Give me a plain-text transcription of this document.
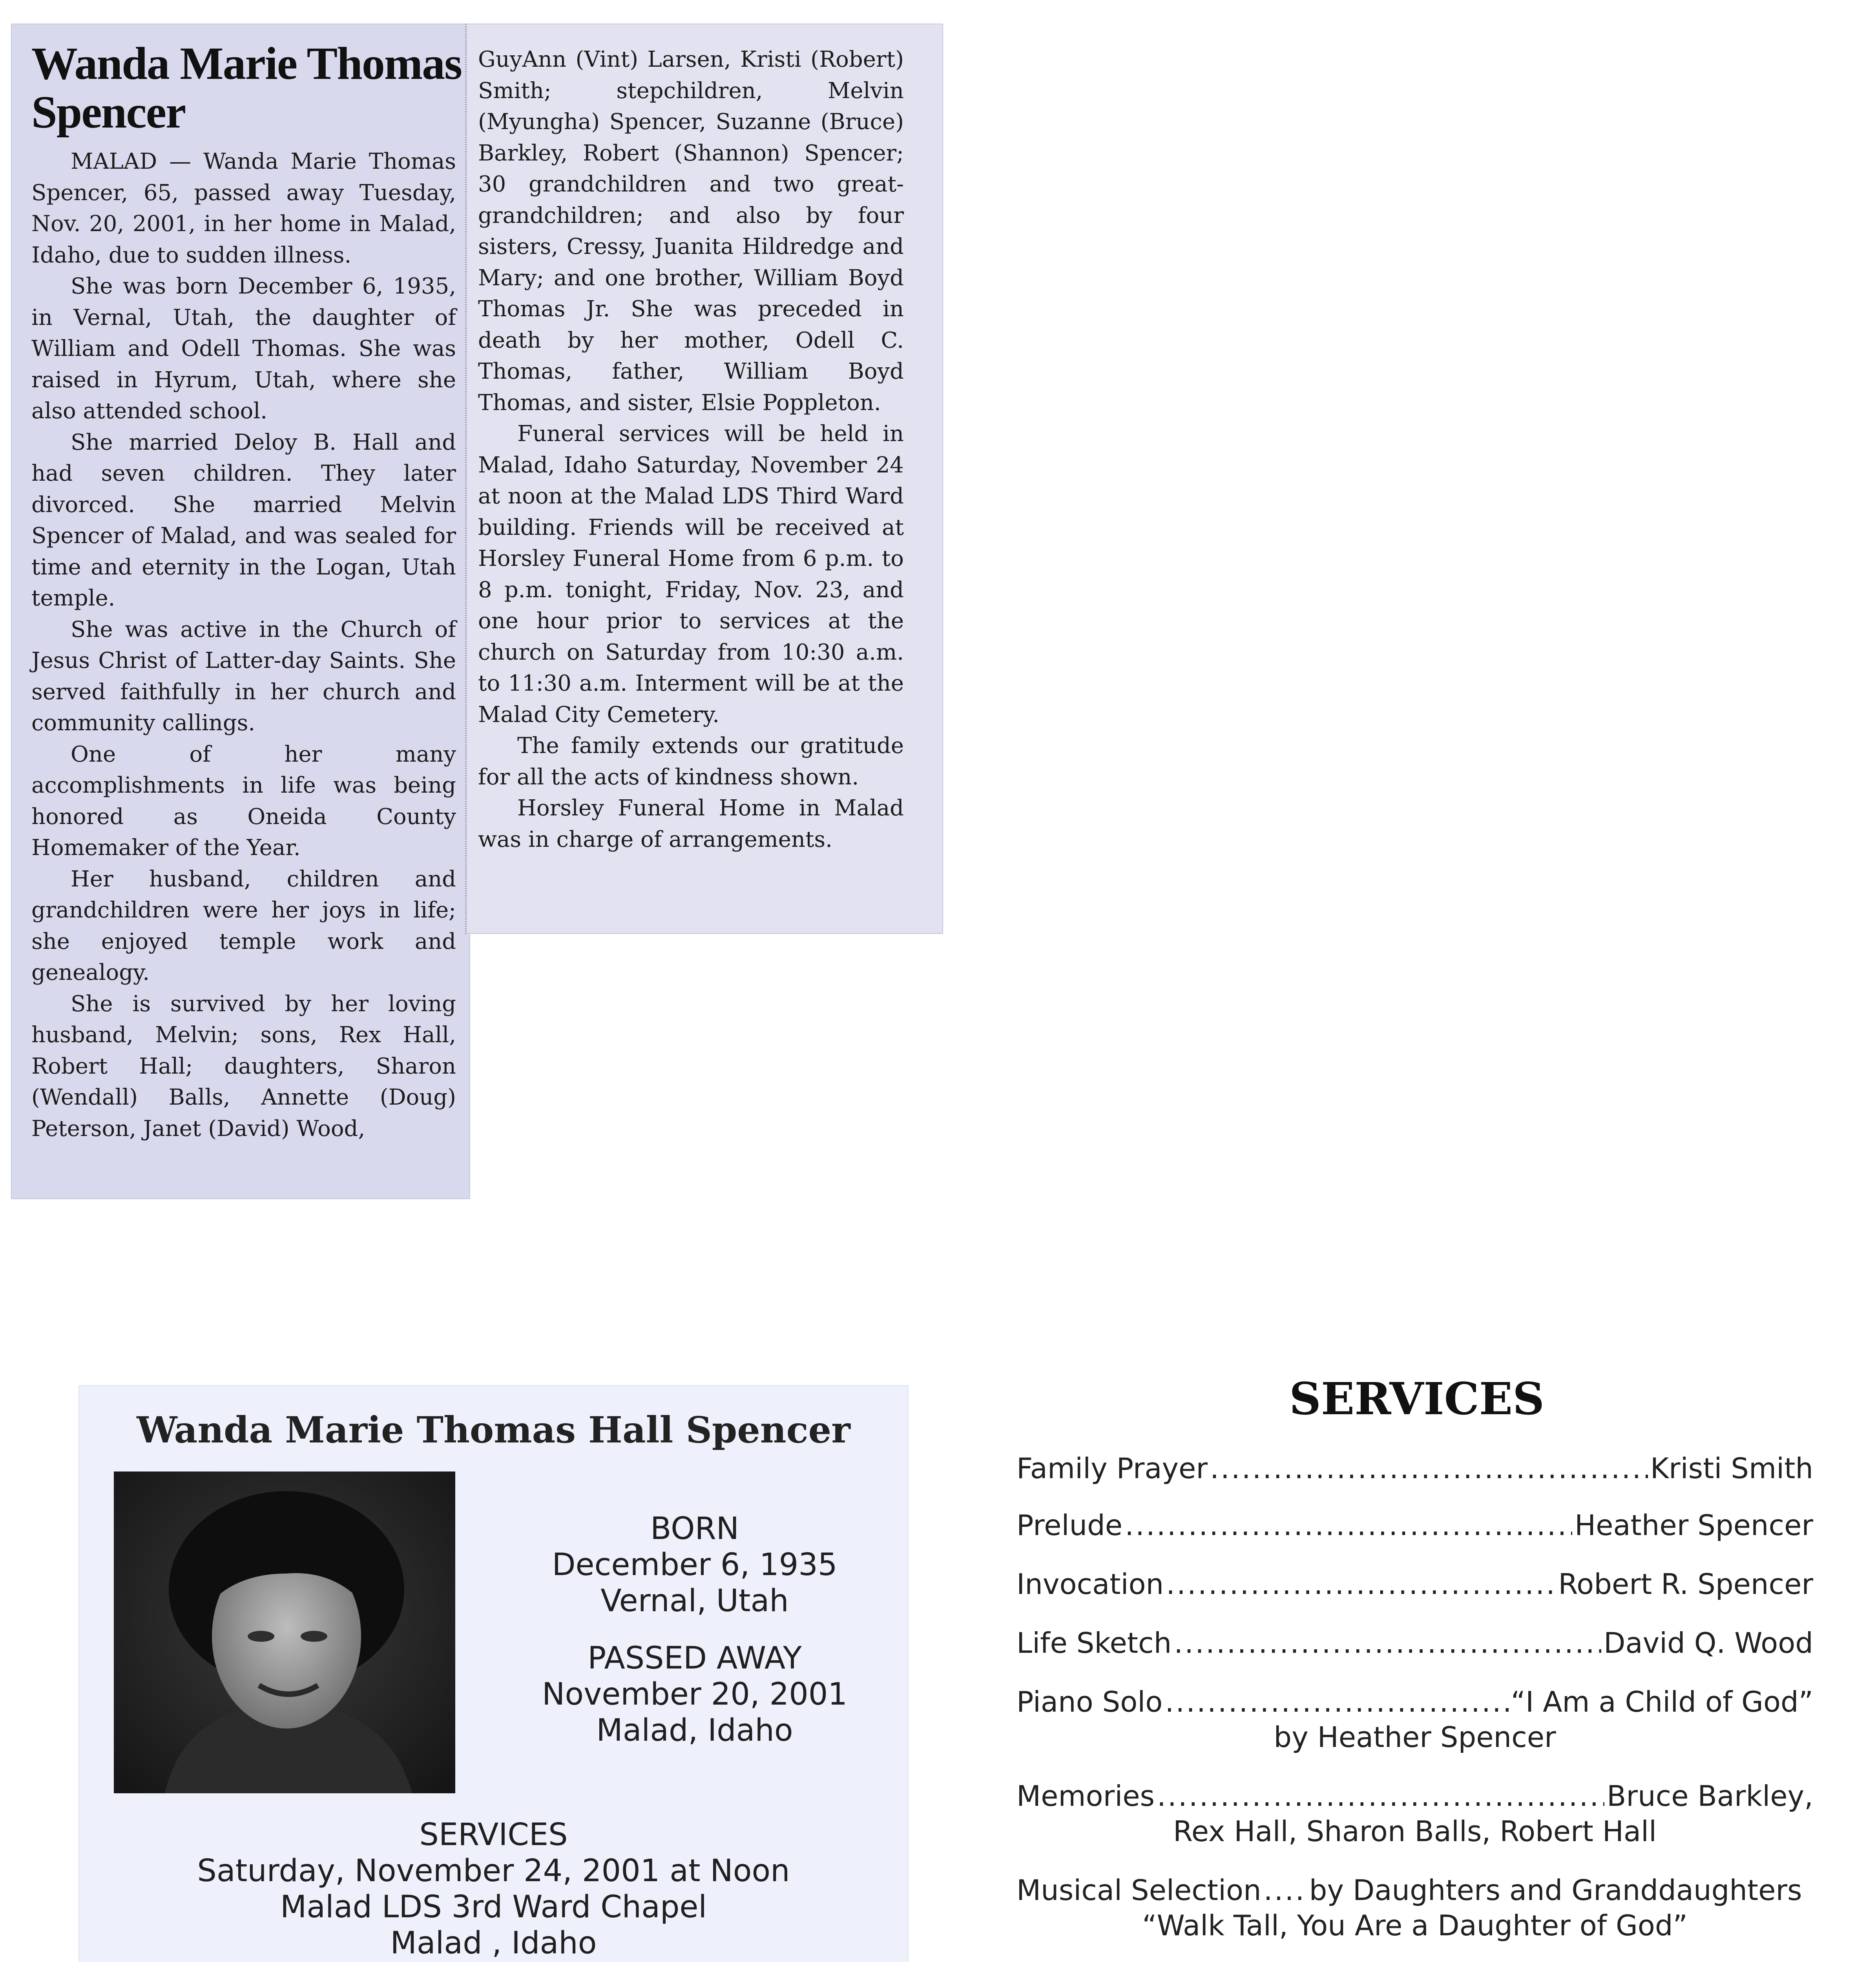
Wanda Marie Thomas Spencer

MALAD — Wanda Marie Thomas Spencer, 65, passed away Tuesday, Nov. 20, 2001, in her home in Malad, Idaho, due to sudden illness.

She was born December 6, 1935, in Vernal, Utah, the daughter of William and Odell Thomas. She was raised in Hyrum, Utah, where she also attended school.

She married Deloy B. Hall and had seven children. They later divorced. She married Melvin Spencer of Malad, and was sealed for time and eternity in the Logan, Utah temple.

She was active in the Church of Jesus Christ of Latter-day Saints. She served faithfully in her church and community callings.

One of her many accomplishments in life was being honored as Oneida County Homemaker of the Year.

Her husband, children and grandchildren were her joys in life; she enjoyed temple work and genealogy.

She is survived by her loving husband, Melvin; sons, Rex Hall, Robert Hall; daughters, Sharon (Wendall) Balls, Annette (Doug) Peterson, Janet (David) Wood,

GuyAnn (Vint) Larsen, Kristi (Robert) Smith; stepchildren, Melvin (Myungha) Spencer, Suzanne (Bruce) Barkley, Robert (Shannon) Spencer; 30 grandchildren and two great-grandchildren; and also by four sisters, Cressy, Juanita Hildredge and Mary; and one brother, William Boyd Thomas Jr. She was preceded in death by her mother, Odell C. Thomas, father, William Boyd Thomas, and sister, Elsie Poppleton.

Funeral services will be held in Malad, Idaho Saturday, November 24 at noon at the Malad LDS Third Ward building. Friends will be received at Horsley Funeral Home from 6 p.m. to 8 p.m. tonight, Friday, Nov. 23, and one hour prior to services at the church on Saturday from 10:30 a.m. to 11:30 a.m. Interment will be at the Malad City Cemetery.

The family extends our gratitude for all the acts of kindness shown.

Horsley Funeral Home in Malad was in charge of arrangements.

Wanda Marie Thomas Hall Spencer
BORN
December 6, 1935
Vernal, Utah
PASSED AWAY
November 20, 2001
Malad, Idaho
SERVICES
Saturday, November 24, 2001 at Noon
Malad LDS 3rd Ward Chapel
Malad , Idaho
SERVICES
Family Prayer .....	Kristi Smith
Prelude .....	Heather Spencer
Invocation .....	Robert R. Spencer
Life Sketch .....	David Q. Wood
Piano Solo .....	“I Am a Child of God”
by Heather Spencer
Memories .....	Bruce Barkley,
Rex Hall, Sharon Balls, Robert Hall
Musical Selection ..... by Daughters and Granddaughters
“Walk Tall, You Are a Daughter of God”
